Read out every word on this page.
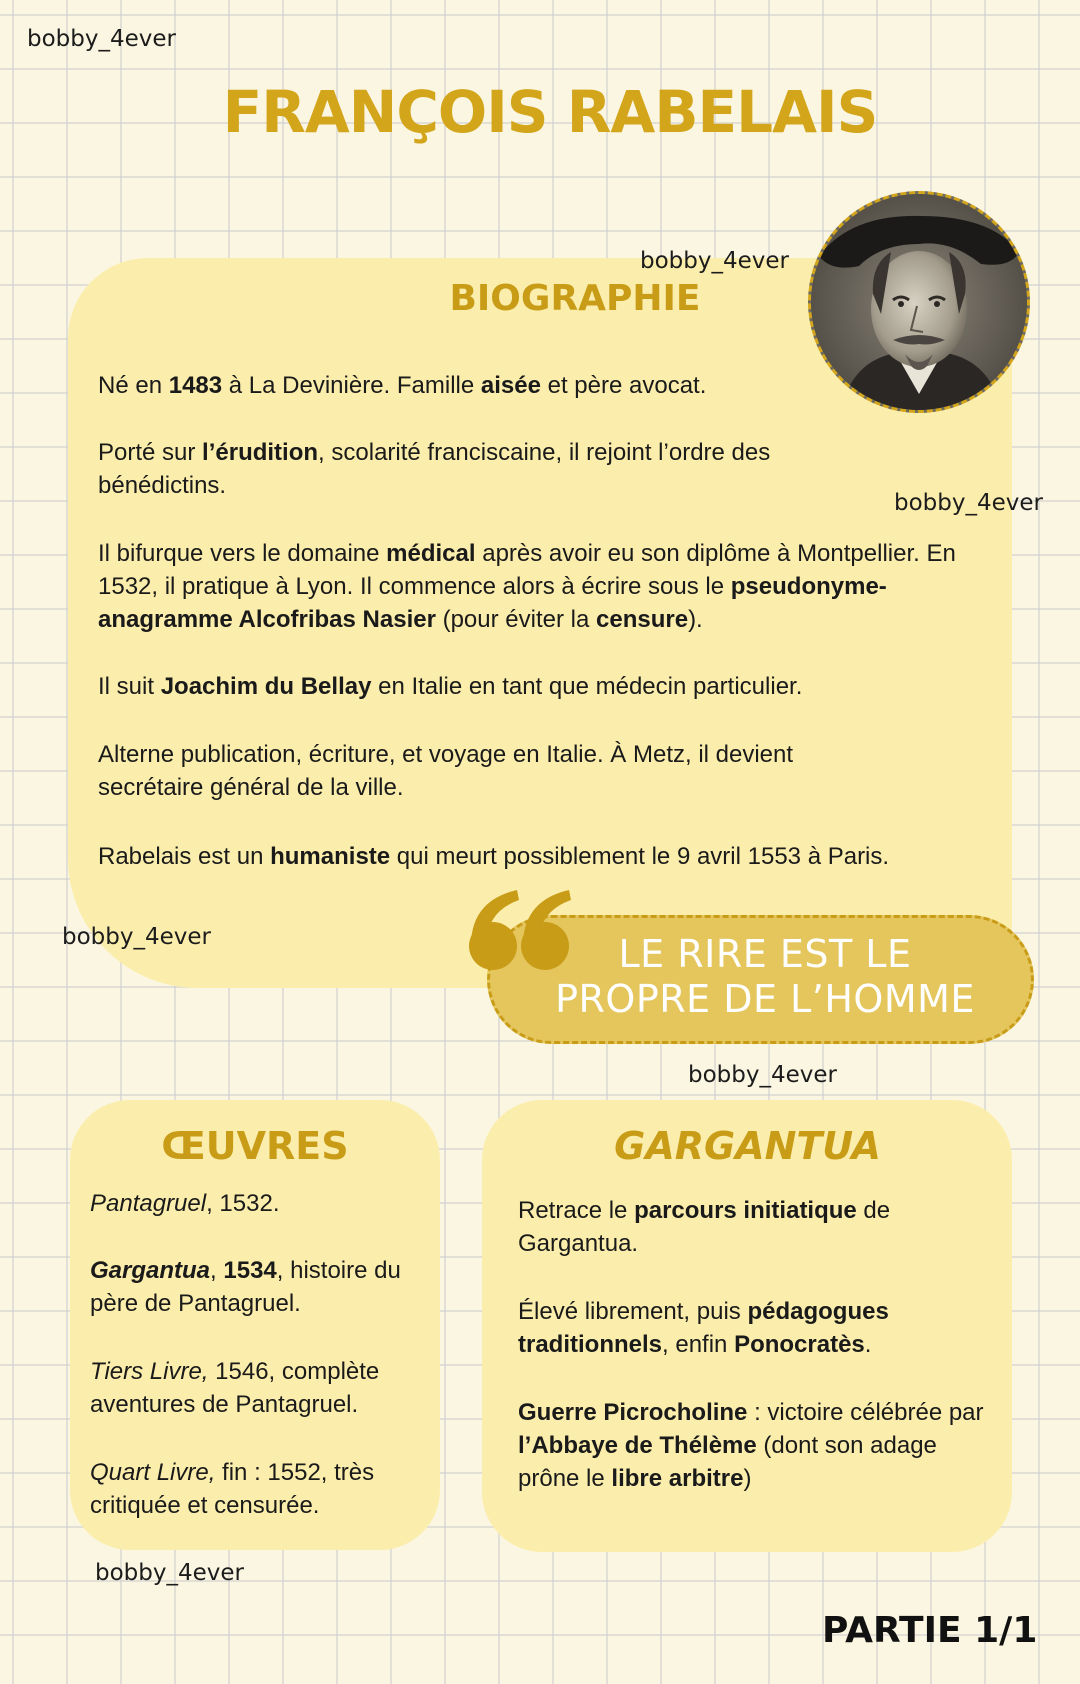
bobby_4ever
FRANÇOIS RABELAIS
bobby_4ever
BIOGRAPHIE
Né en 1483 à La Devinière. Famille aisée et père avocat.
Porté sur l’érudition, scolarité franciscaine, il rejoint l’ordre des bénédictins.
bobby_4ever
Il bifurque vers le domaine médical après avoir eu son diplôme à Montpellier. En 1532, il pratique à Lyon. Il commence alors à écrire sous le pseudonyme-anagramme Alcofribas Nasier (pour éviter la censure).
Il suit Joachim du Bellay en Italie en tant que médecin particulier.
Alterne publication, écriture, et voyage en Italie. À Metz, il devient secrétaire général de la ville.
Rabelais est un humaniste qui meurt possiblement le 9 avril 1553 à Paris.
bobby_4ever	LE RIRE EST LE
PROPRE DE L’HOMME
bobby_4ever
ŒUVRES
Pantagruel, 1532.
Gargantua, 1534, histoire du père de Pantagruel.
Tiers Livre, 1546, complète aventures de Pantagruel.
Quart Livre, fin : 1552, très critiquée et censurée.
bobby_4ever
GARGANTUA
Retrace le parcours initiatique de Gargantua.
Élevé librement, puis pédagogues traditionnels, enfin Ponocratès.
Guerre Picrocholine : victoire célébrée par l’Abbaye de Thélème (dont son adage prône le libre arbitre)
PARTIE 1/1
